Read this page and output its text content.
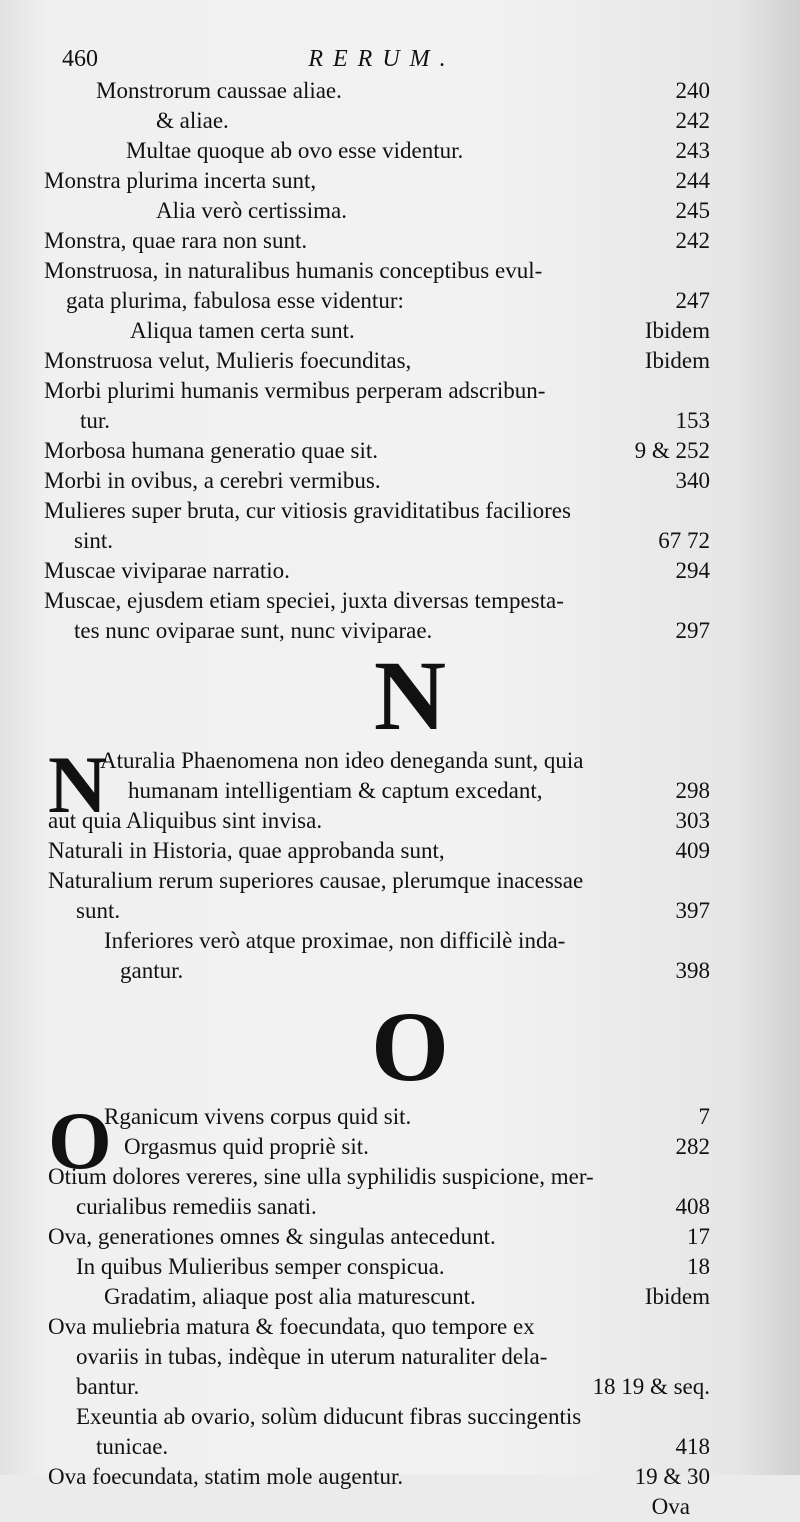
460	RERUM.
Monstrorum caussae aliae.	240
& aliae.	242
Multae quoque ab ovo esse videntur.	243
Monstra plurima incerta sunt,	244
Alia verò certissima.	245
Monstra, quae rara non sunt.	242
Monstruosa, in naturalibus humanis conceptibus evul-
gata plurima, fabulosa esse videntur:	247
Aliqua tamen certa sunt.	Ibidem
Monstruosa velut, Mulieris foecunditas,	Ibidem
Morbi plurimi humanis vermibus perperam adscribun-
tur.	153
Morbosa humana generatio quae sit.	9 & 252
Morbi in ovibus, a cerebri vermibus.	340
Mulieres super bruta, cur vitiosis graviditatibus faciliores
sint.	67 72
Muscae viviparae narratio.	294
Muscae, ejusdem etiam speciei, juxta diversas tempesta-
tes nunc oviparae sunt, nunc viviparae.	297
N
N
Aturalia Phaenomena non ideo deneganda sunt, quia
humanam intelligentiam & captum excedant,	298
aut quia Aliquibus sint invisa.	303
Naturali in Historia, quae approbanda sunt,	409
Naturalium rerum superiores causae, plerumque inacessae
sunt.	397
Inferiores verò atque proximae, non difficilè inda-
gantur.	398
O
O
Rganicum vivens corpus quid sit.	7
Orgasmus quid propriè sit.	282
Otium dolores vereres, sine ulla syphilidis suspicione, mer-
curialibus remediis sanati.	408
Ova, generationes omnes & singulas antecedunt.	17
In quibus Mulieribus semper conspicua.	18
Gradatim, aliaque post alia maturescunt.	Ibidem
Ova muliebria matura & foecundata, quo tempore ex
ovariis in tubas, indèque in uterum naturaliter dela-
bantur.	18 19 & seq.
Exeuntia ab ovario, solùm diducunt fibras succingentis
tunicae.	418
Ova foecundata, statim mole augentur.	19 & 30
Ova
